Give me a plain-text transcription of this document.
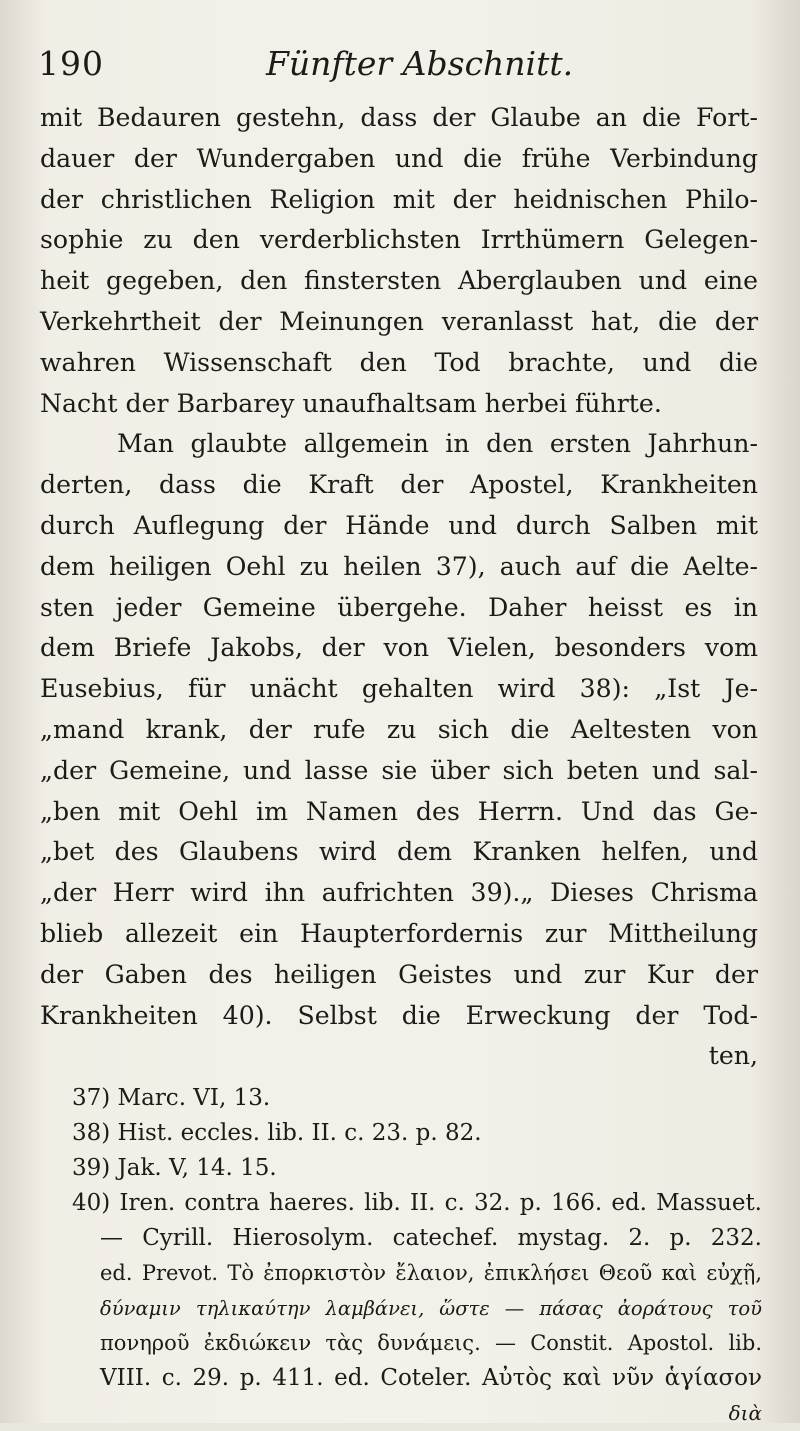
190	Fünfter Abschnitt.
mit Bedauren gestehn, dass der Glaube an die Fort-
dauer der Wundergaben und die frühe Verbindung
der christlichen Religion mit der heidnischen Philo-
sophie zu den verderblichsten Irrthümern Gelegen-
heit gegeben, den finstersten Aberglauben und eine
Verkehrtheit der Meinungen veranlasst hat, die der
wahren Wissenschaft den Tod brachte, und die
Nacht der Barbarey unaufhaltsam herbei führte.
Man glaubte allgemein in den ersten Jahrhun-
derten, dass die Kraft der Apostel, Krankheiten
durch Auflegung der Hände und durch Salben mit
dem heiligen Oehl zu heilen 37), auch auf die Aelte-
sten jeder Gemeine übergehe. Daher heisst es in
dem Briefe Jakobs, der von Vielen, besonders vom
Eusebius, für unächt gehalten wird 38): „Ist Je-
„mand krank, der rufe zu sich die Aeltesten von
„der Gemeine, und lasse sie über sich beten und sal-
„ben mit Oehl im Namen des Herrn. Und das Ge-
„bet des Glaubens wird dem Kranken helfen, und
„der Herr wird ihn aufrichten 39).„ Dieses Chrisma
blieb allezeit ein Haupterfordernis zur Mittheilung
der Gaben des heiligen Geistes und zur Kur der
Krankheiten 40). Selbst die Erweckung der Tod-
ten,
37) Marc. VI, 13.
38) Hist. eccles. lib. II. c. 23. p. 82.
39) Jak. V, 14. 15.
40) Iren. contra haeres. lib. II. c. 32. p. 166. ed. Massuet.
— Cyrill. Hierosolym. catechef. mystag. 2. p. 232.
ed. Prevot. Τὸ ἐπορκιστὸν ἔλαιον, ἐπικλήσει Θεοῦ καὶ εὐχῇ,
δύναμιν τηλικαύτην λαμβάνει, ὥστε — πάσας ἀοράτους τοῦ
πονηροῦ ἐκδιώκειν τὰς δυνάμεις. — Constit. Apostol. lib.
VIII. c. 29. p. 411. ed. Coteler. Αὐτὸς καὶ νῦν ἁγίασον
διὰ
